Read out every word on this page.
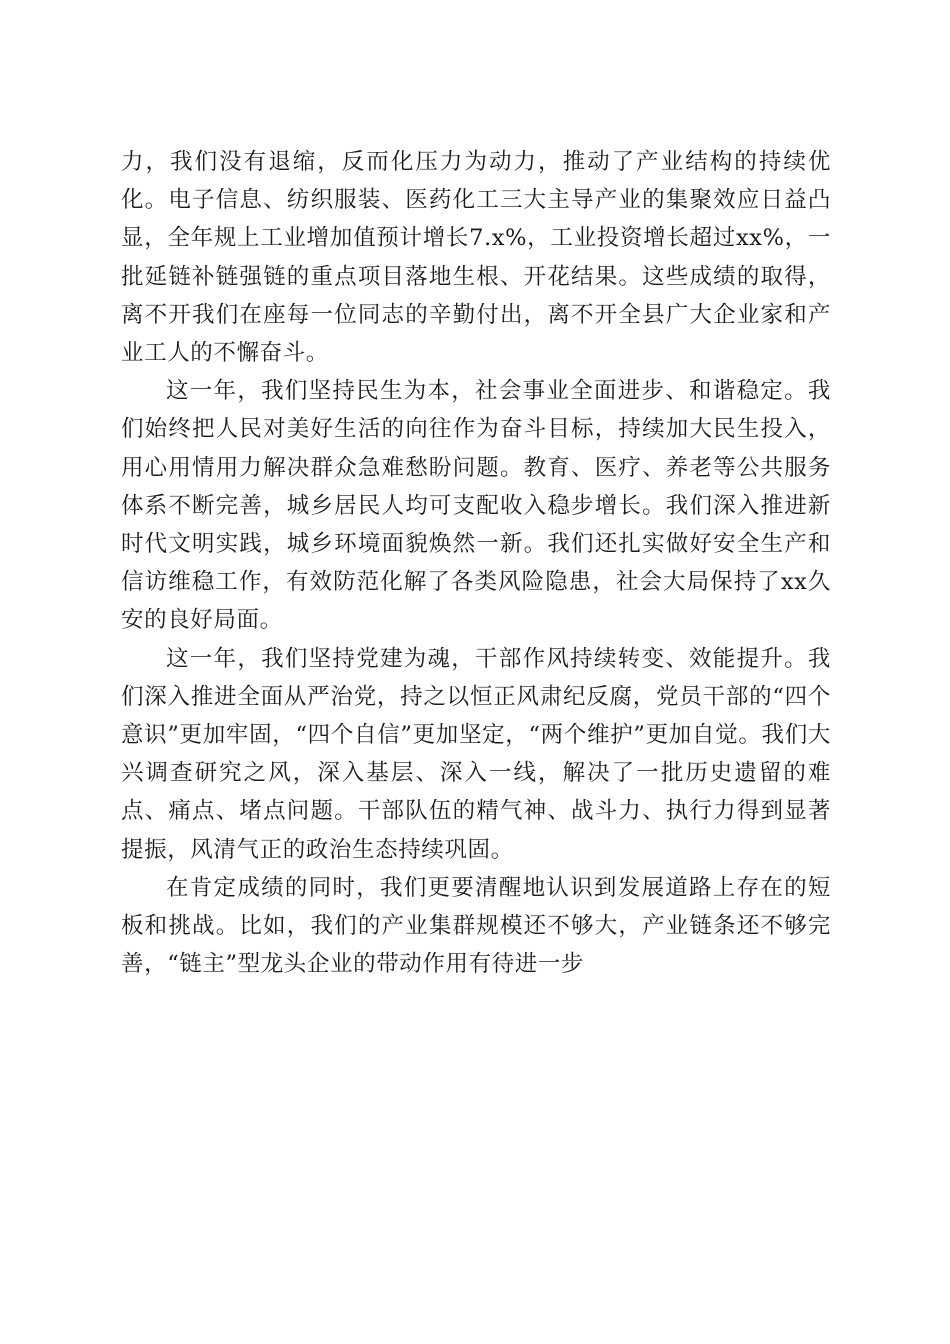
力，我们没有退缩，反而化压力为动力，推动了产业结构的持续优化。电子信息、纺织服装、医药化工三大主导产业的集聚效应日益凸显，全年规上工业增加值预计增长7.x%，工业投资增长超过xx%，一批延链补链强链的重点项目落地生根、开花结果。这些成绩的取得，离不开我们在座每一位同志的辛勤付出，离不开全县广大企业家和产业工人的不懈奋斗。

这一年，我们坚持民生为本，社会事业全面进步、和谐稳定。我们始终把人民对美好生活的向往作为奋斗目标，持续加大民生投入，用心用情用力解决群众急难愁盼问题。教育、医疗、养老等公共服务体系不断完善，城乡居民人均可支配收入稳步增长。我们深入推进新时代文明实践，城乡环境面貌焕然一新。我们还扎实做好安全生产和信访维稳工作，有效防范化解了各类风险隐患，社会大局保持了xx久安的良好局面。

这一年，我们坚持党建为魂，干部作风持续转变、效能提升。我们深入推进全面从严治党，持之以恒正风肃纪反腐，党员干部的“四个意识”更加牢固，“四个自信”更加坚定，“两个维护”更加自觉。我们大兴调查研究之风，深入基层、深入一线，解决了一批历史遗留的难点、痛点、堵点问题。干部队伍的精气神、战斗力、执行力得到显著提振，风清气正的政治生态持续巩固。

在肯定成绩的同时，我们更要清醒地认识到发展道路上存在的短板和挑战。比如，我们的产业集群规模还不够大，产业链条还不够完善，“链主”型龙头企业的带动作用有待进一步
